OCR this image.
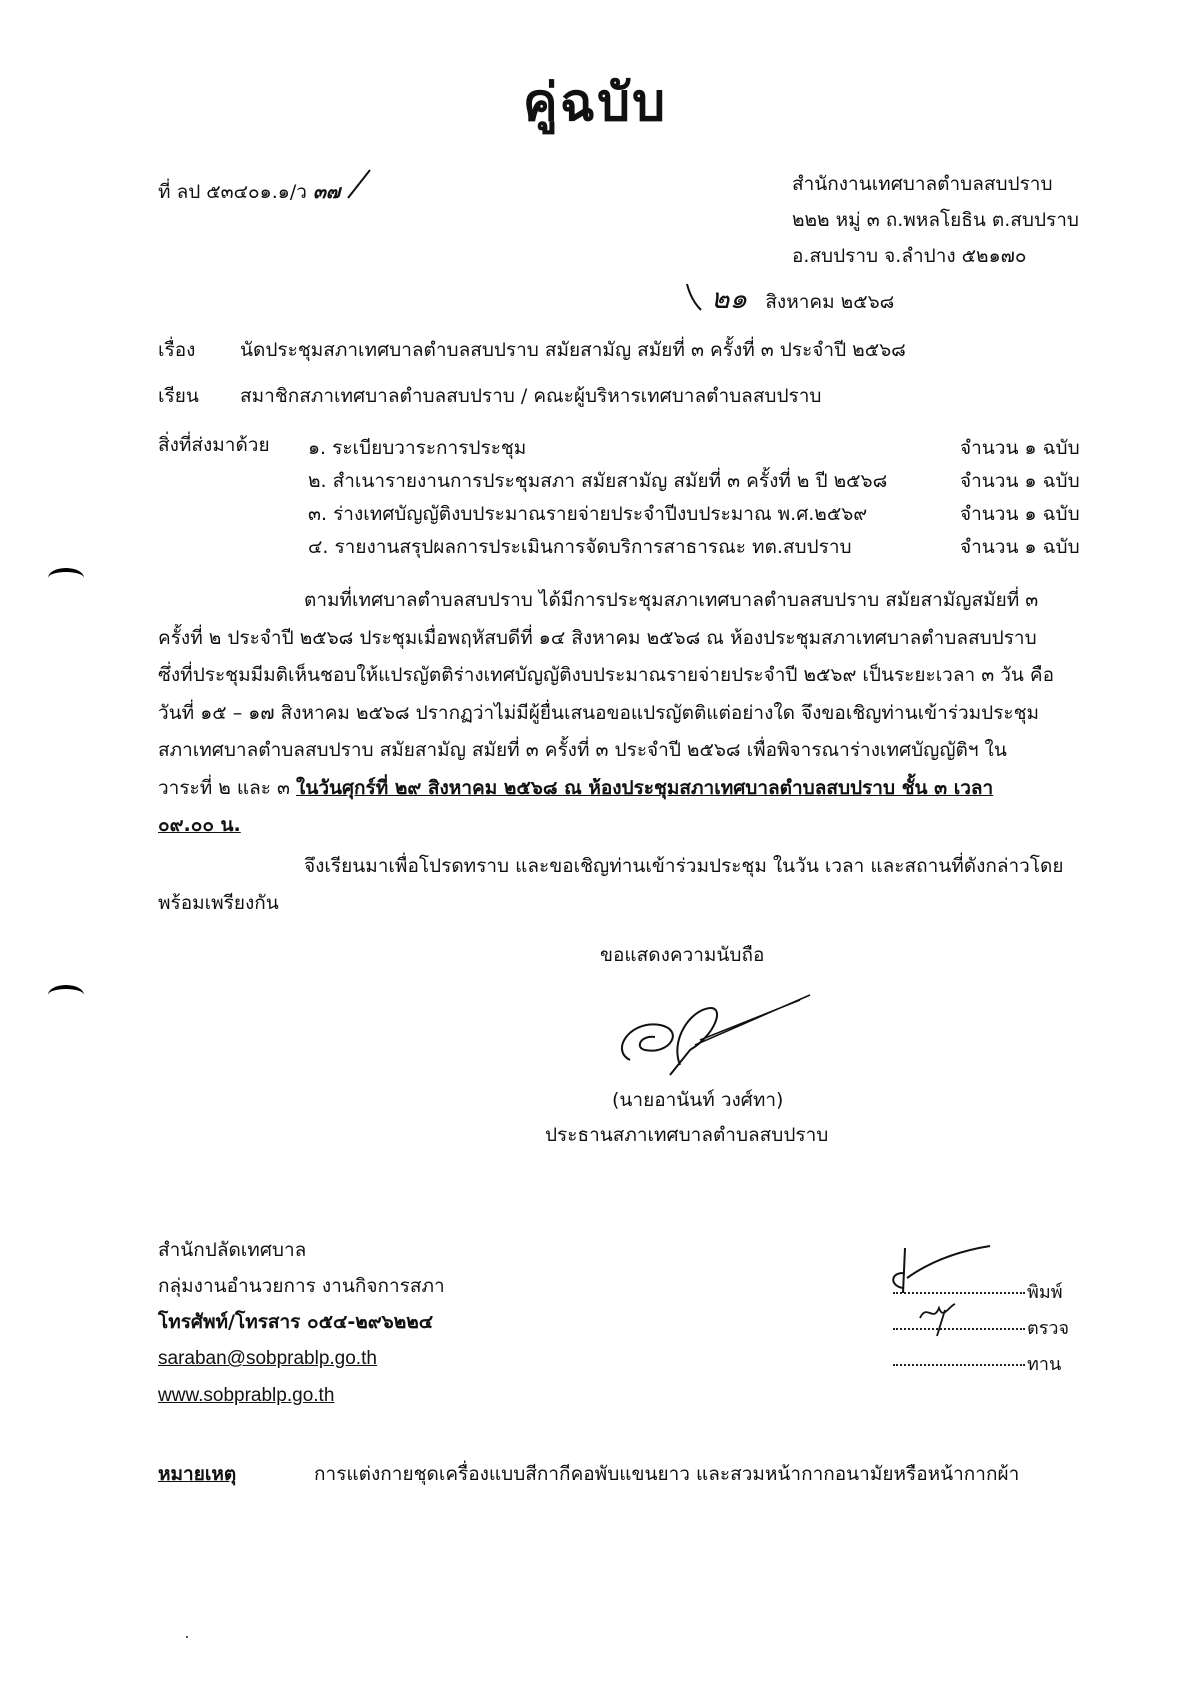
คู่ฉบับ
ที่ ลป ๕๓๔๐๑.๑/ว ๓๗	สำนักงานเทศบาลตำบลสบปราบ
๒๒๒ หมู่ ๓ ถ.พหลโยธิน ต.สบปราบ
อ.สบปราบ จ.ลำปาง ๕๒๑๗๐
๒๑ สิงหาคม ๒๕๖๘
เรื่อง นัดประชุมสภาเทศบาลตำบลสบปราบ สมัยสามัญ สมัยที่ ๓ ครั้งที่ ๓ ประจำปี ๒๕๖๘
เรียน สมาชิกสภาเทศบาลตำบลสบปราบ / คณะผู้บริหารเทศบาลตำบลสบปราบ
สิ่งที่ส่งมาด้วย ๑. ระเบียบวาระการประชุม	จำนวน ๑ ฉบับ
๒. สำเนารายงานการประชุมสภา สมัยสามัญ สมัยที่ ๓ ครั้งที่ ๒ ปี ๒๕๖๘	จำนวน ๑ ฉบับ
๓. ร่างเทศบัญญัติงบประมาณรายจ่ายประจำปีงบประมาณ พ.ศ.๒๕๖๙	จำนวน ๑ ฉบับ
๔. รายงานสรุปผลการประเมินการจัดบริการสาธารณะ ทต.สบปราบ	จำนวน ๑ ฉบับ
ตามที่เทศบาลตำบลสบปราบ ได้มีการประชุมสภาเทศบาลตำบลสบปราบ สมัยสามัญสมัยที่ ๓
ครั้งที่ ๒ ประจำปี ๒๕๖๘ ประชุมเมื่อพฤหัสบดีที่ ๑๔ สิงหาคม ๒๕๖๘ ณ ห้องประชุมสภาเทศบาลตำบลสบปราบ
ซึ่งที่ประชุมมีมติเห็นชอบให้แปรญัตติร่างเทศบัญญัติงบประมาณรายจ่ายประจำปี ๒๕๖๙ เป็นระยะเวลา ๓ วัน คือ
วันที่ ๑๕ – ๑๗ สิงหาคม ๒๕๖๘ ปรากฏว่าไม่มีผู้ยื่นเสนอขอแปรญัตติแต่อย่างใด จึงขอเชิญท่านเข้าร่วมประชุม
สภาเทศบาลตำบลสบปราบ สมัยสามัญ สมัยที่ ๓ ครั้งที่ ๓ ประจำปี ๒๕๖๘ เพื่อพิจารณาร่างเทศบัญญัติฯ ใน
วาระที่ ๒ และ ๓ ในวันศุกร์ที่ ๒๙ สิงหาคม ๒๕๖๘ ณ ห้องประชุมสภาเทศบาลตำบลสบปราบ ชั้น ๓ เวลา
๐๙.๐๐ น.
จึงเรียนมาเพื่อโปรดทราบ และขอเชิญท่านเข้าร่วมประชุม ในวัน เวลา และสถานที่ดังกล่าวโดย
พร้อมเพรียงกัน
ขอแสดงความนับถือ
(นายอานันท์ วงศ์ทา)
ประธานสภาเทศบาลตำบลสบปราบ
สำนักปลัดเทศบาล
กลุ่มงานอำนวยการ งานกิจการสภา
โทรศัพท์/โทรสาร ๐๕๔-๒๙๖๒๒๔
saraban@sobprablp.go.th
www.sobprablp.go.th
พิมพ์
ตรวจ
ทาน
หมายเหตุ	การแต่งกายชุดเครื่องแบบสีกากีคอพับแขนยาว และสวมหน้ากากอนามัยหรือหน้ากากผ้า
